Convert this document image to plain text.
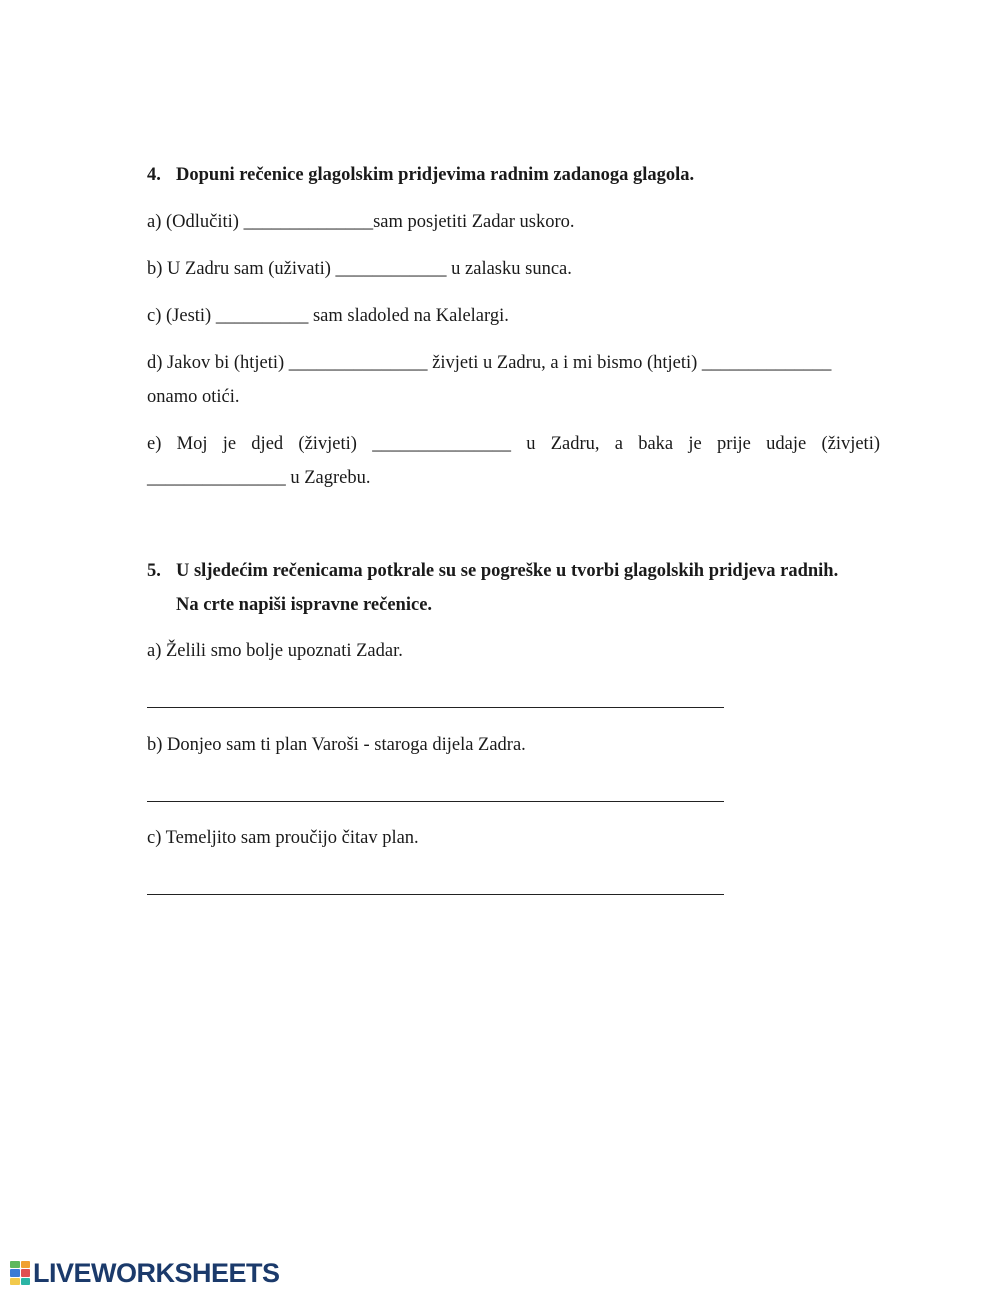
4. Dopuni rečenice glagolskim pridjevima radnim zadanoga glagola.
a) (Odlučiti) ______________sam posjetiti Zadar uskoro.
b) U Zadru sam (uživati) ____________ u zalasku sunca.
c) (Jesti) __________ sam sladoled na Kalelargi.
d) Jakov bi (htjeti) _______________ živjeti u Zadru, a i mi bismo (htjeti) ______________
onamo otići.
e) Moj je djed (živjeti) _______________ u Zadru, a baka je prije udaje (živjeti)
_______________ u Zagrebu.
5. U sljedećim rečenicama potkrale su se pogreške u tvorbi glagolskih pridjeva radnih.
Na crte napiši ispravne rečenice.
a) Želili smo bolje upoznati Zadar.
b) Donjeo sam ti plan Varoši - staroga dijela Zadra.
c) Temeljito sam proučijo čitav plan.
LIVEWORKSHEETS
